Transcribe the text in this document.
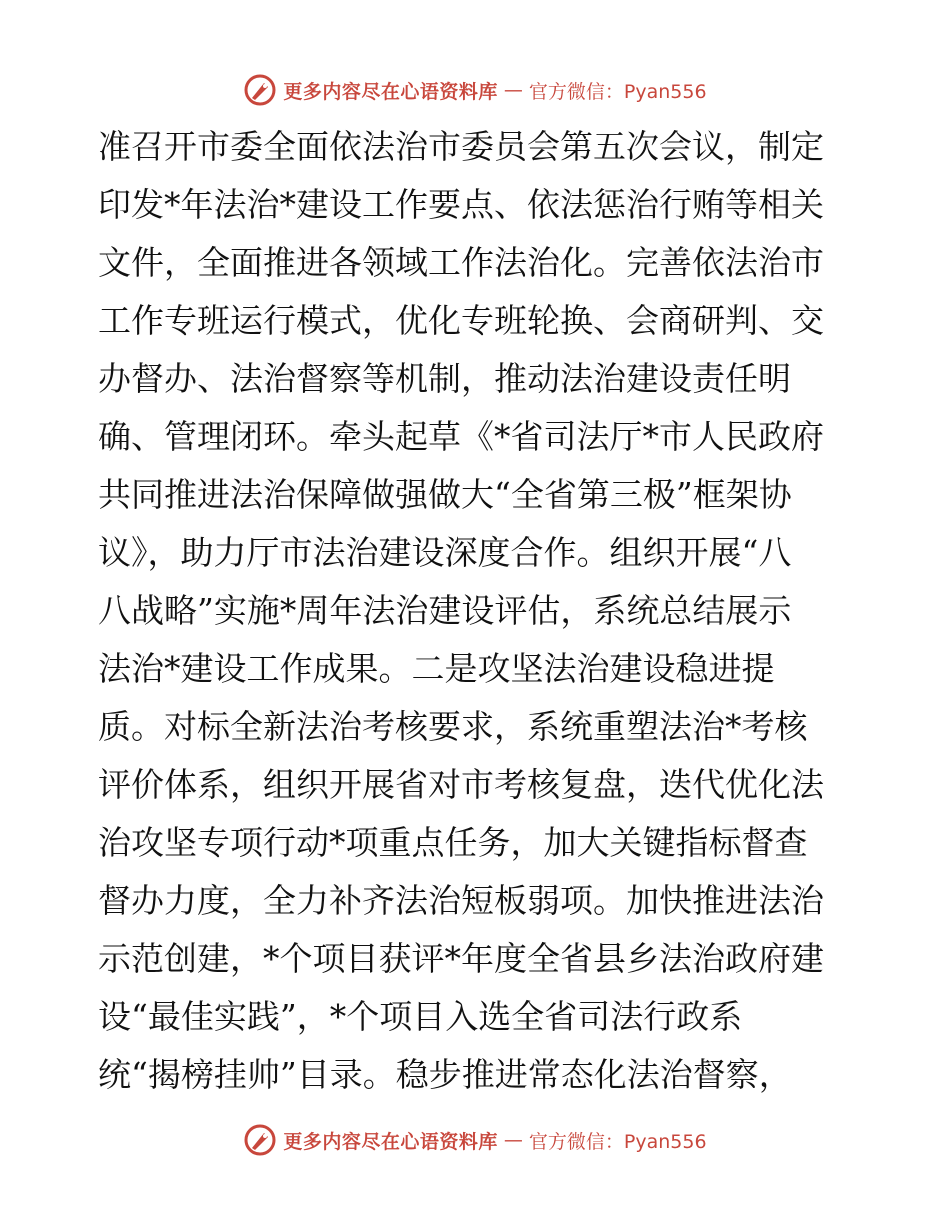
更多内容尽在心语资料库 — 官方微信：Pyan556
准召开市委全面依法治市委员会第五次会议，制定
印发*年法治*建设工作要点、依法惩治行贿等相关
文件，全面推进各领域工作法治化。完善依法治市
工作专班运行模式，优化专班轮换、会商研判、交
办督办、法治督察等机制，推动法治建设责任明
确、管理闭环。牵头起草《*省司法厅*市人民政府
共同推进法治保障做强做大“全省第三极”框架协
议》，助力厅市法治建设深度合作。组织开展“八
八战略”实施*周年法治建设评估，系统总结展示
法治*建设工作成果。二是攻坚法治建设稳进提
质。对标全新法治考核要求，系统重塑法治*考核
评价体系，组织开展省对市考核复盘，迭代优化法
治攻坚专项行动*项重点任务，加大关键指标督查
督办力度，全力补齐法治短板弱项。加快推进法治
示范创建，*个项目获评*年度全省县乡法治政府建
设“最佳实践”，*个项目入选全省司法行政系
统“揭榜挂帅”目录。稳步推进常态化法治督察，
更多内容尽在心语资料库 — 官方微信：Pyan556
